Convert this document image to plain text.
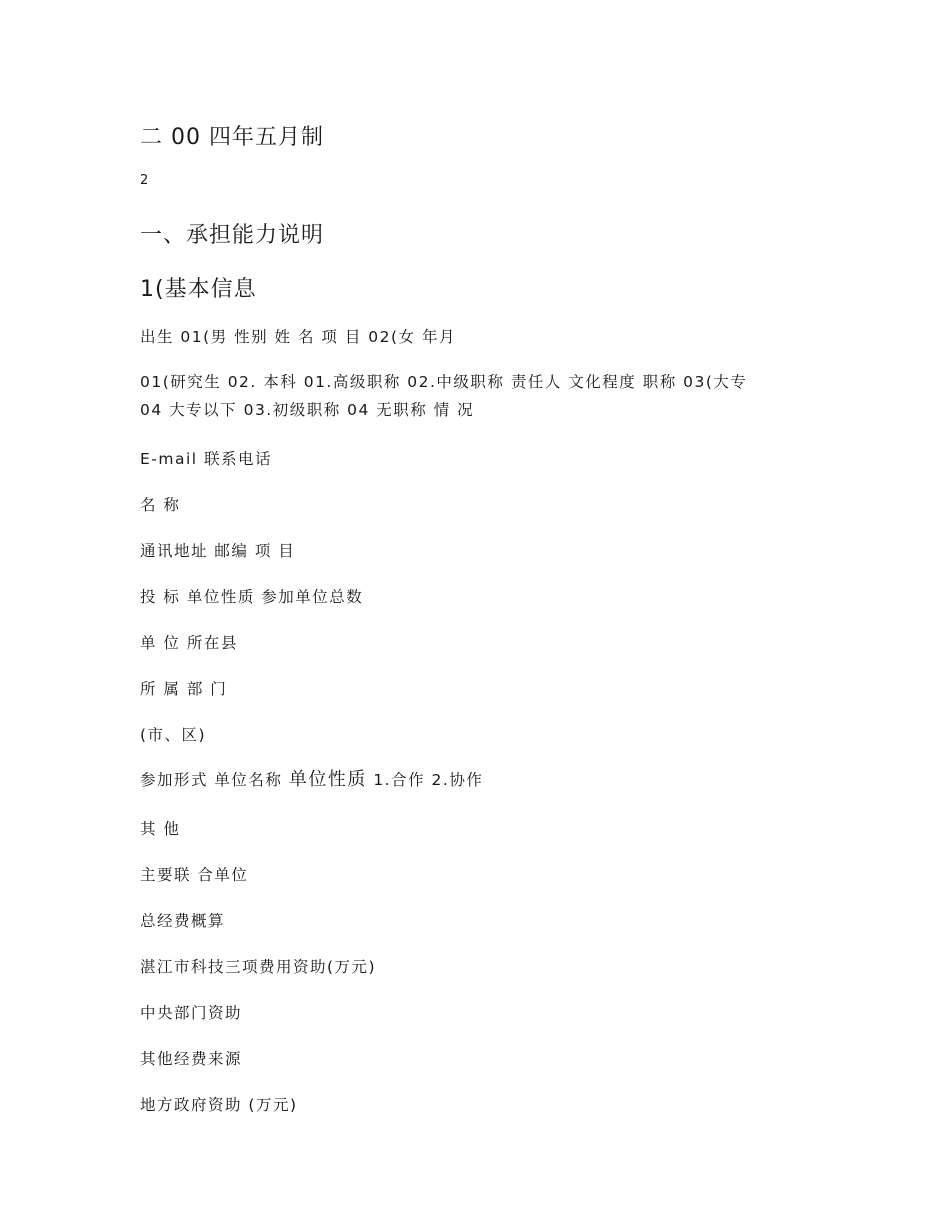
二 00 四年五月制
2
一、承担能力说明
1(基本信息
出生 01(男 性别 姓 名 项 目 02(女 年月
01(研究生 02. 本科 01.高级职称 02.中级职称 责任人 文化程度 职称 03(大专
04 大专以下 03.初级职称 04 无职称 情 况
E-mail 联系电话
名 称
通讯地址 邮编 项 目
投 标 单位性质 参加单位总数
单 位 所在县
所 属 部 门
(市、区)
参加形式 单位名称 单位性质 1.合作 2.协作
其 他
主要联 合单位
总经费概算
湛江市科技三项费用资助(万元)
中央部门资助
其他经费来源
地方政府资助 (万元)
